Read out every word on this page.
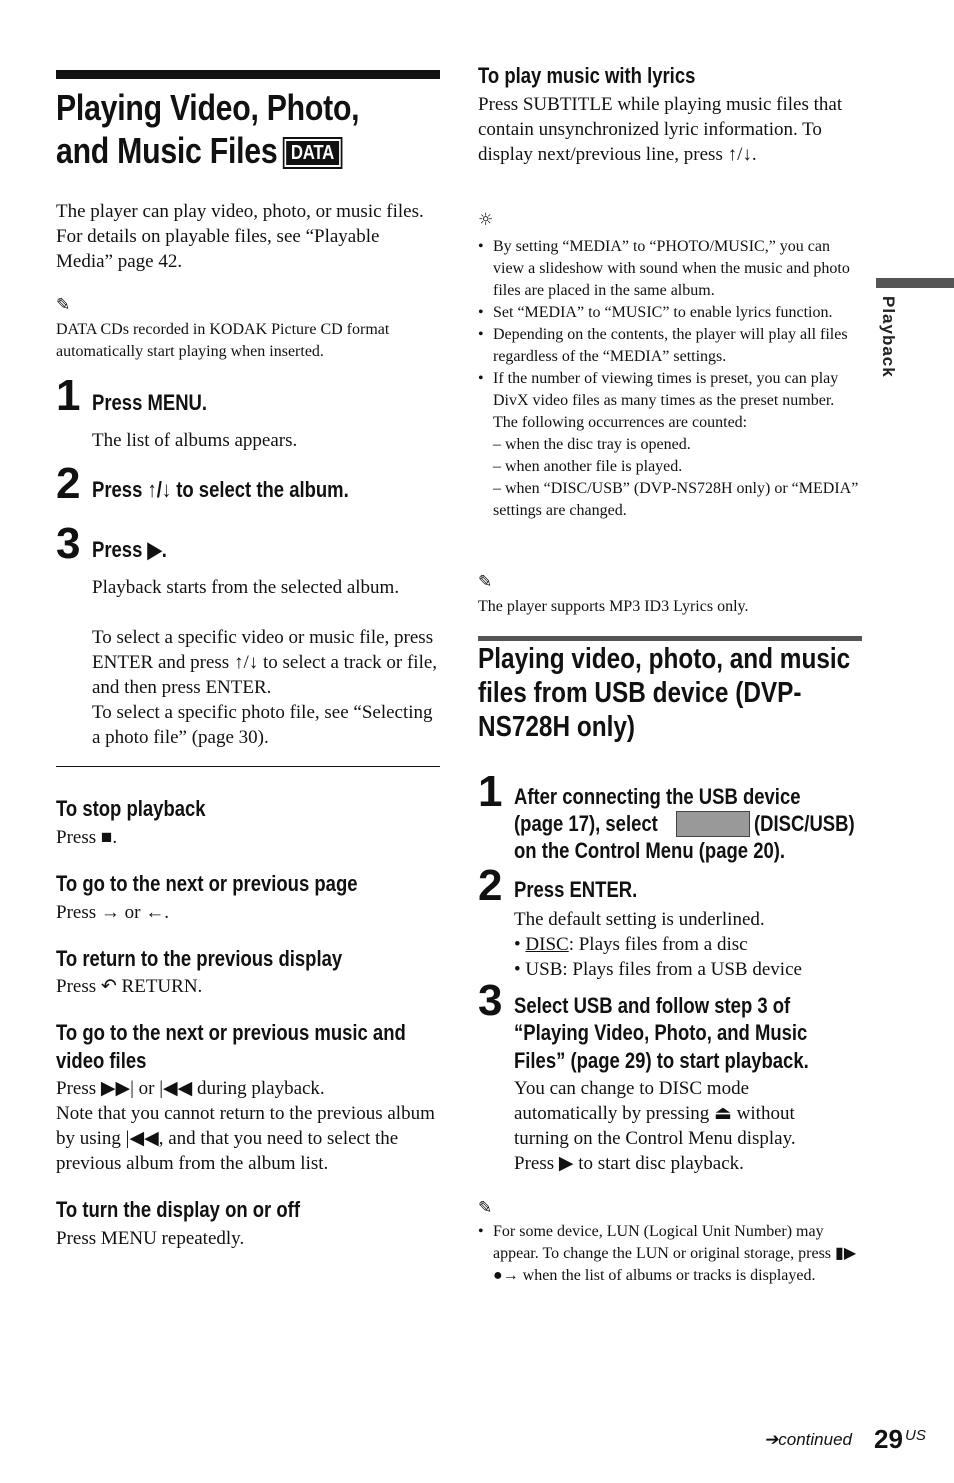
Playback
Playing Video, Photo,
and Music Files DATA
The player can play video, photo, or music files. For details on playable files, see “Playable Media” page 42.
✎
DATA CDs recorded in KODAK Picture CD format automatically start playing when inserted.
1 Press MENU.
The list of albums appears.
2 Press ↑/↓ to select the album.
3 Press ▶.
Playback starts from the selected album.
To select a specific video or music file, press ENTER and press ↑/↓ to select a track or file, and then press ENTER.
To select a specific photo file, see “Selecting a photo file” (page 30).
To stop playback
Press ■.
To go to the next or previous page
Press → or ←.
To return to the previous display
Press ↶ RETURN.
To go to the next or previous music and
video files
Press ▶▶| or |◀◀ during playback.
Note that you cannot return to the previous album by using |◀◀, and that you need to select the previous album from the album list.
To turn the display on or off
Press MENU repeatedly.
To play music with lyrics
Press SUBTITLE while playing music files that contain unsynchronized lyric information. To display next/previous line, press ↑/↓.
☼
• By setting “MEDIA” to “PHOTO/MUSIC,” you can view a slideshow with sound when the music and photo files are placed in the same album.
• Set “MEDIA” to “MUSIC” to enable lyrics function.
• Depending on the contents, the player will play all files regardless of the “MEDIA” settings.
• If the number of viewing times is preset, you can play DivX video files as many times as the preset number. The following occurrences are counted:
– when the disc tray is opened.
– when another file is played.
– when “DISC/USB” (DVP-NS728H only) or “MEDIA” settings are changed.
✎
The player supports MP3 ID3 Lyrics only.
Playing video, photo, and music files from USB device (DVP-NS728H only)
1 After connecting the USB device
(page 17), select	(DISC/USB)
on the Control Menu (page 20).
2 Press ENTER.
The default setting is underlined.
• DISC: Plays files from a disc
• USB: Plays files from a USB device
3 Select USB and follow step 3 of
“Playing Video, Photo, and Music
Files” (page 29) to start playback.
You can change to DISC mode automatically by pressing ⏏ without turning on the Control Menu display. Press ▶ to start disc playback.
✎
• For some device, LUN (Logical Unit Number) may appear. To change the LUN or original storage, press ▮▶ ●→ when the list of albums or tracks is displayed.
➔continued 29 US
